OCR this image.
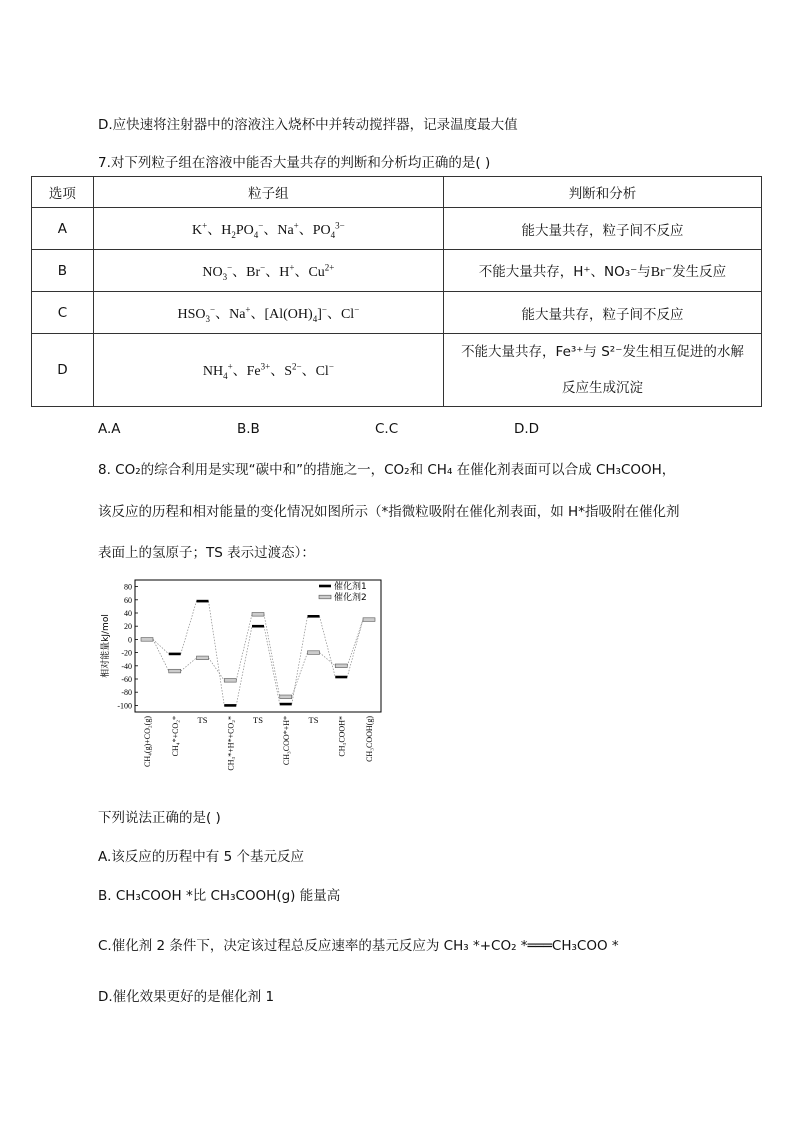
D.应快速将注射器中的溶液注入烧杯中并转动搅拌器，记录温度最大值
7.对下列粒子组在溶液中能否大量共存的判断和分析均正确的是( )
选项	粒子组	判断和分析
A	K+、$H_2PO_4^-$、Na+、$PO_4^{3-}$	能大量共存，粒子间不反应
B	$NO_3^-$、Br−、H+、$Cu^{2+}$	不能大量共存，H⁺、NO₃⁻与Br⁻发生反应
C	$HSO_3^-$、Na+、$[Al(OH)_4]^-$、Cl−	能大量共存，粒子间不反应
D	$NH_4^+$、$Fe^{3+}$、$S^{2-}$、Cl−	不能大量共存，Fe³⁺与 S²⁻发生相互促进的水解
反应生成沉淀
A.A	B.B	C.C	D.D
8. CO₂的综合利用是实现“碳中和”的措施之一，CO₂和 CH₄ 在催化剂表面可以合成 CH₃COOH，
该反应的历程和相对能量的变化情况如图所示（*指微粒吸附在催化剂表面，如 H*指吸附在催化剂
表面上的氢原子；TS 表示过渡态）：
80
60
40
20
0
-20
-40
-60
-80
-100
相对能量kJ/mol
催化剂1
催化剂2
CH₄(g)+CO₂(g) CH₄*+CO₂* TS CH₃*+H*+CO₂* TS CH₃COO*+H* TS CH₃COOH* CH₃COOH(g)
下列说法正确的是( )
A.该反应的历程中有 5 个基元反应
B. CH₃COOH *比 CH₃COOH(g) 能量高
C.催化剂 2 条件下，决定该过程总反应速率的基元反应为 CH₃ *+CO₂ *═══CH₃COO *
D.催化效果更好的是催化剂 1
